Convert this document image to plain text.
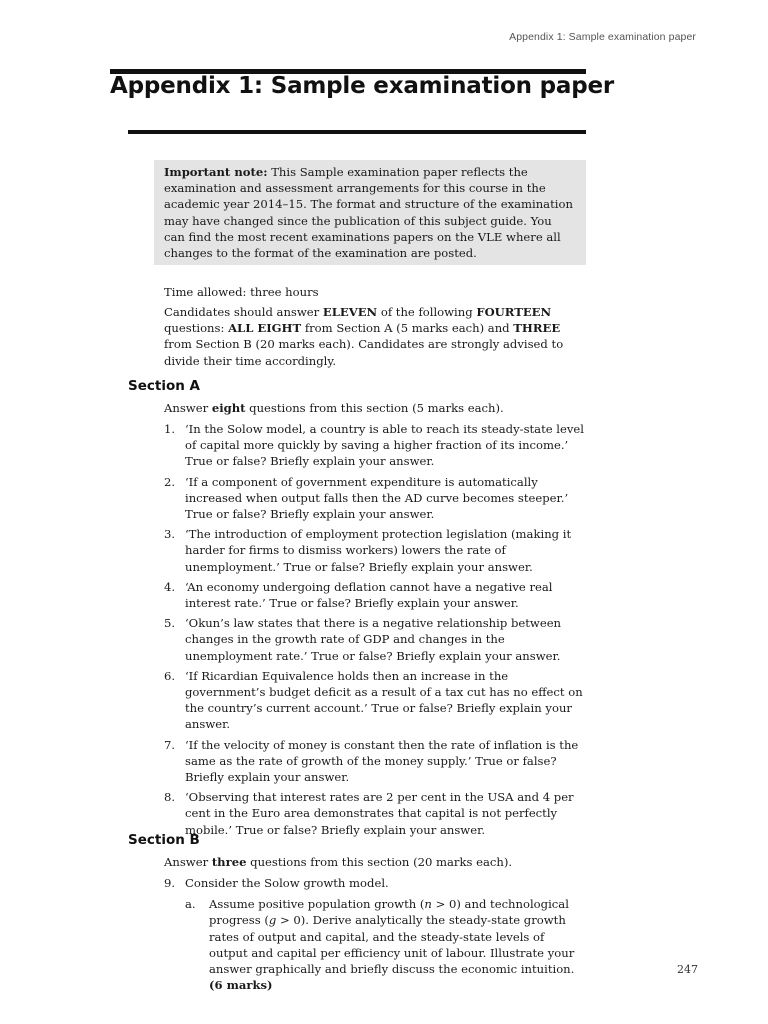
Appendix 1: Sample examination paper
Appendix 1: Sample examination paper
Important note: This Sample examination paper reflects the examination and assessment arrangements for this course in the academic year 2014–15. The format and structure of the examination may have changed since the publication of this subject guide. You can find the most recent examinations papers on the VLE where all changes to the format of the examination are posted.

Time allowed: three hours

Candidates should answer ELEVEN of the following FOURTEEN questions: ALL EIGHT from Section A (5 marks each) and THREE from Section B (20 marks each). Candidates are strongly advised to divide their time accordingly.

Section A

Answer eight questions from this section (5 marks each).

1. ‘In the Solow model, a country is able to reach its steady-state level of capital more quickly by saving a higher fraction of its income.’ True or false? Briefly explain your answer.
2. ‘If a component of government expenditure is automatically increased when output falls then the AD curve becomes steeper.’ True or false? Briefly explain your answer.
3. ‘The introduction of employment protection legislation (making it harder for firms to dismiss workers) lowers the rate of unemployment.’ True or false? Briefly explain your answer.
4. ‘An economy undergoing deflation cannot have a negative real interest rate.’ True or false? Briefly explain your answer.
5. ‘Okun’s law states that there is a negative relationship between changes in the growth rate of GDP and changes in the unemployment rate.’ True or false? Briefly explain your answer.
6. ‘If Ricardian Equivalence holds then an increase in the government’s budget deficit as a result of a tax cut has no effect on the country’s current account.’ True or false? Briefly explain your answer.
7. ‘If the velocity of money is constant then the rate of inflation is the same as the rate of growth of the money supply.’ True or false? Briefly explain your answer.
8. ‘Observing that interest rates are 2 per cent in the USA and 4 per cent in the Euro area demonstrates that capital is not perfectly mobile.’ True or false? Briefly explain your answer.
Section B

Answer three questions from this section (20 marks each).

9. Consider the Solow growth model.
a. Assume positive population growth (n > 0) and technological progress (g > 0). Derive analytically the steady-state growth rates of output and capital, and the steady-state levels of output and capital per efficiency unit of labour. Illustrate your answer graphically and briefly discuss the economic intuition. (6 marks)
247
